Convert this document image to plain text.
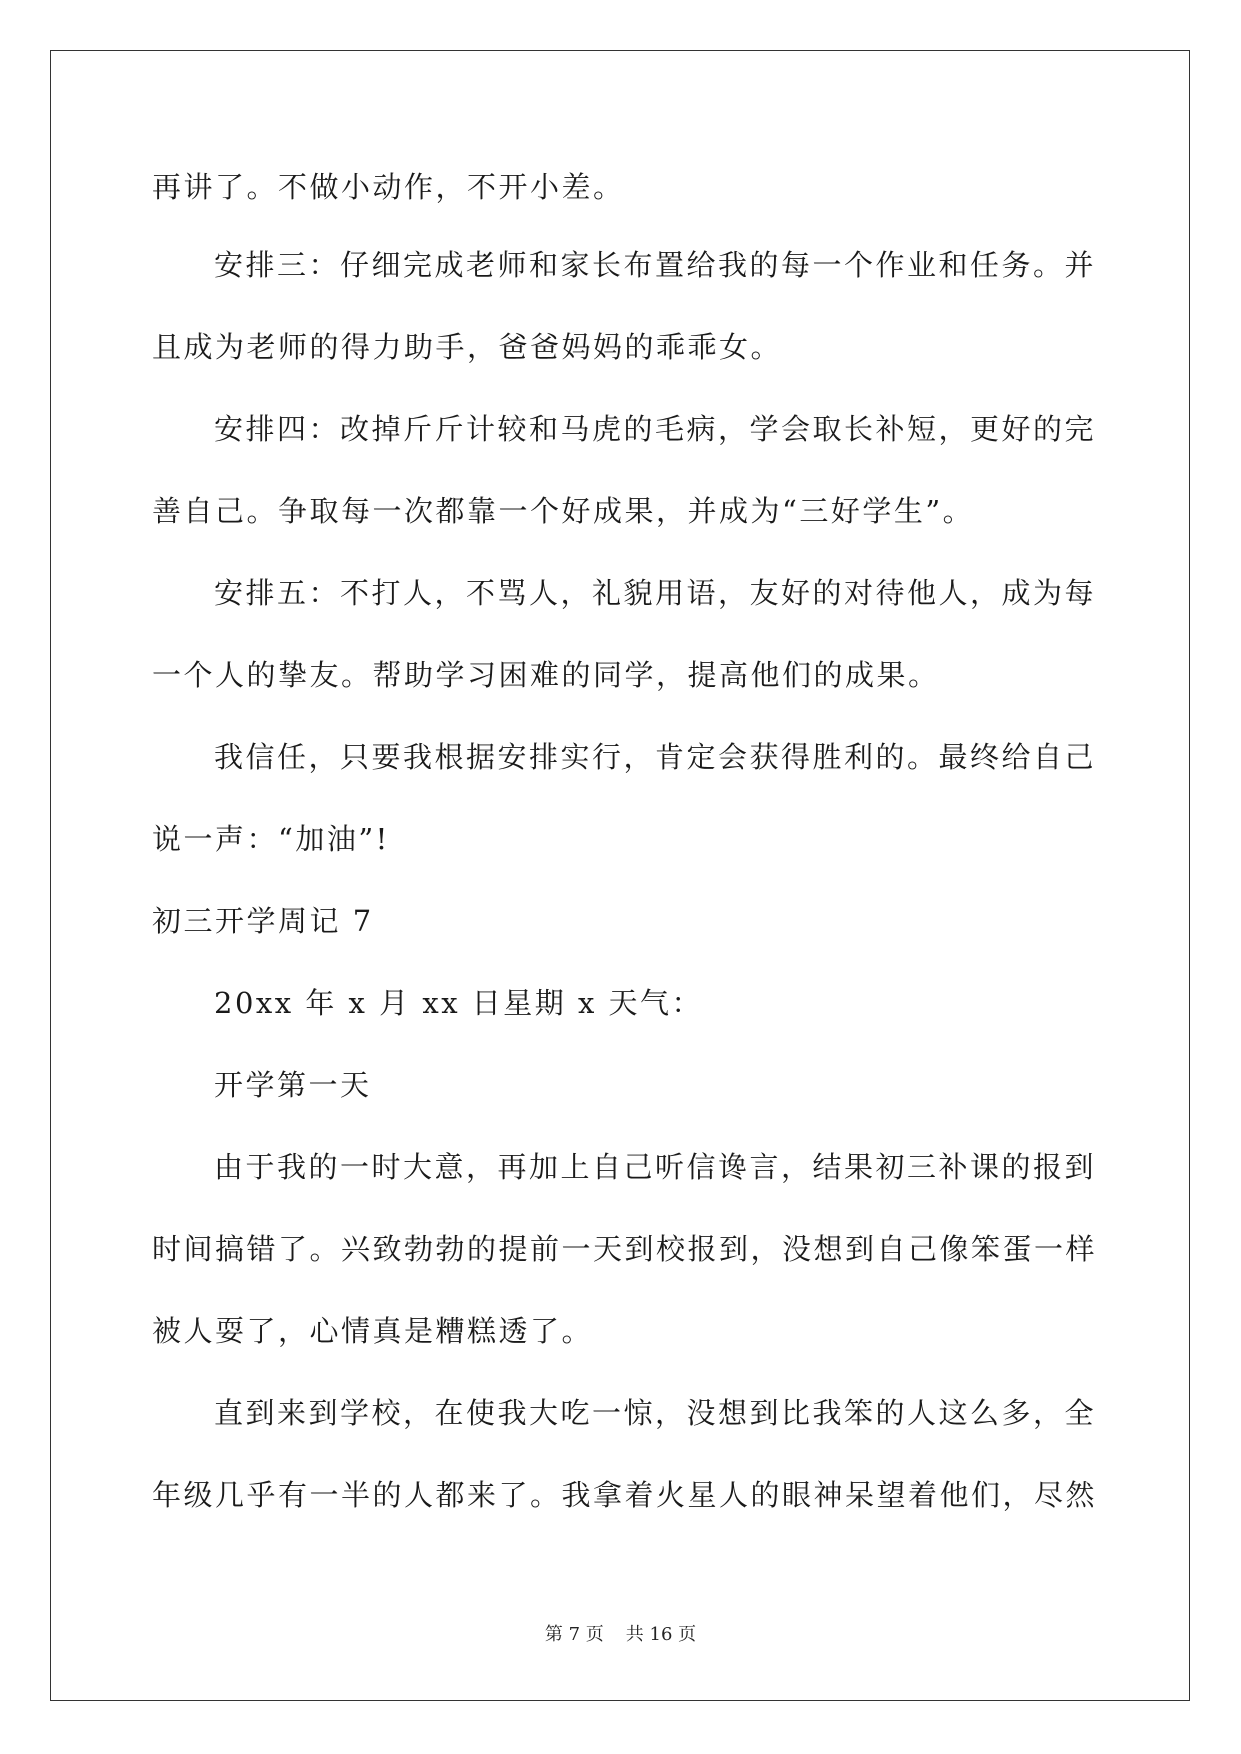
再讲了。不做小动作，不开小差。

安排三：仔细完成老师和家长布置给我的每一个作业和任务。并

且成为老师的得力助手，爸爸妈妈的乖乖女。

安排四：改掉斤斤计较和马虎的毛病，学会取长补短，更好的完

善自己。争取每一次都靠一个好成果，并成为“三好学生”。

安排五：不打人，不骂人，礼貌用语，友好的对待他人，成为每

一个人的挚友。帮助学习困难的同学，提高他们的成果。

我信任，只要我根据安排实行，肯定会获得胜利的。最终给自己

说一声：“加油”!

初三开学周记 7

20xx 年 x 月 xx 日星期 x 天气：

开学第一天

由于我的一时大意，再加上自己听信谗言，结果初三补课的报到

时间搞错了。兴致勃勃的提前一天到校报到，没想到自己像笨蛋一样

被人耍了，心情真是糟糕透了。

直到来到学校，在使我大吃一惊，没想到比我笨的人这么多，全

年级几乎有一半的人都来了。我拿着火星人的眼神呆望着他们，尽然

第 7 页 共 16 页
